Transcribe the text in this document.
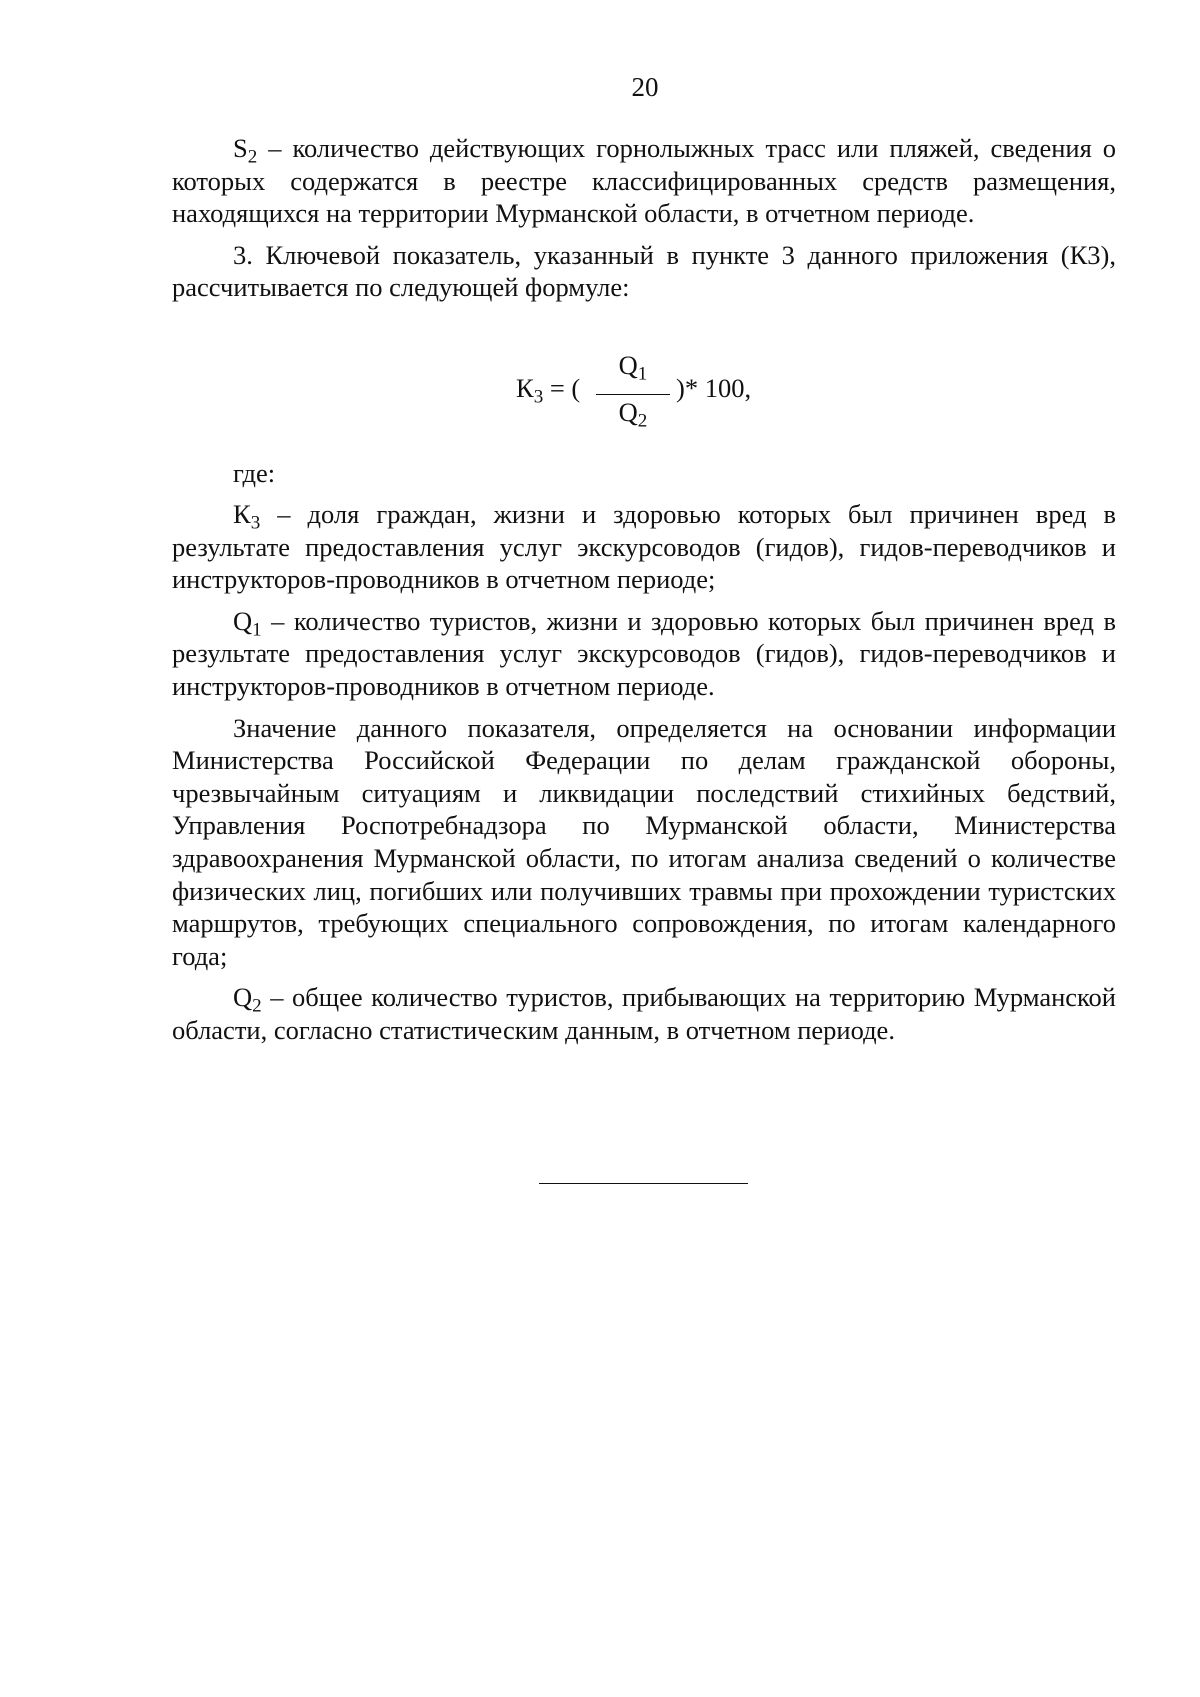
20

$S_2$ – количество действующих горнолыжных трасс или пляжей, сведения о которых содержатся в реестре классифицированных средств размещения, находящихся на территории Мурманской области, в отчетном периоде.

3. Ключевой показатель, указанный в пункте 3 данного приложения (К3), рассчитывается по следующей формуле:

$К_3$ = (
$Q_1$
$Q_2$
)* 100,
где:

$К_3$ – доля граждан, жизни и здоровью которых был причинен вред в результате предоставления услуг экскурсоводов (гидов), гидов-переводчиков и инструкторов-проводников в отчетном периоде;

$Q_1$ – количество туристов, жизни и здоровью которых был причинен вред в результате предоставления услуг экскурсоводов (гидов), гидов-переводчиков и инструкторов-проводников в отчетном периоде.

Значение данного показателя, определяется на основании информации Министерства Российской Федерации по делам гражданской обороны, чрезвычайным ситуациям и ликвидации последствий стихийных бедствий, Управления Роспотребнадзора по Мурманской области, Министерства здравоохранения Мурманской области, по итогам анализа сведений о количестве физических лиц, погибших или получивших травмы при прохождении туристских маршрутов, требующих специального сопровождения, по итогам календарного года;

$Q_2$ – общее количество туристов, прибывающих на территорию Мурманской области, согласно статистическим данным, в отчетном периоде.
